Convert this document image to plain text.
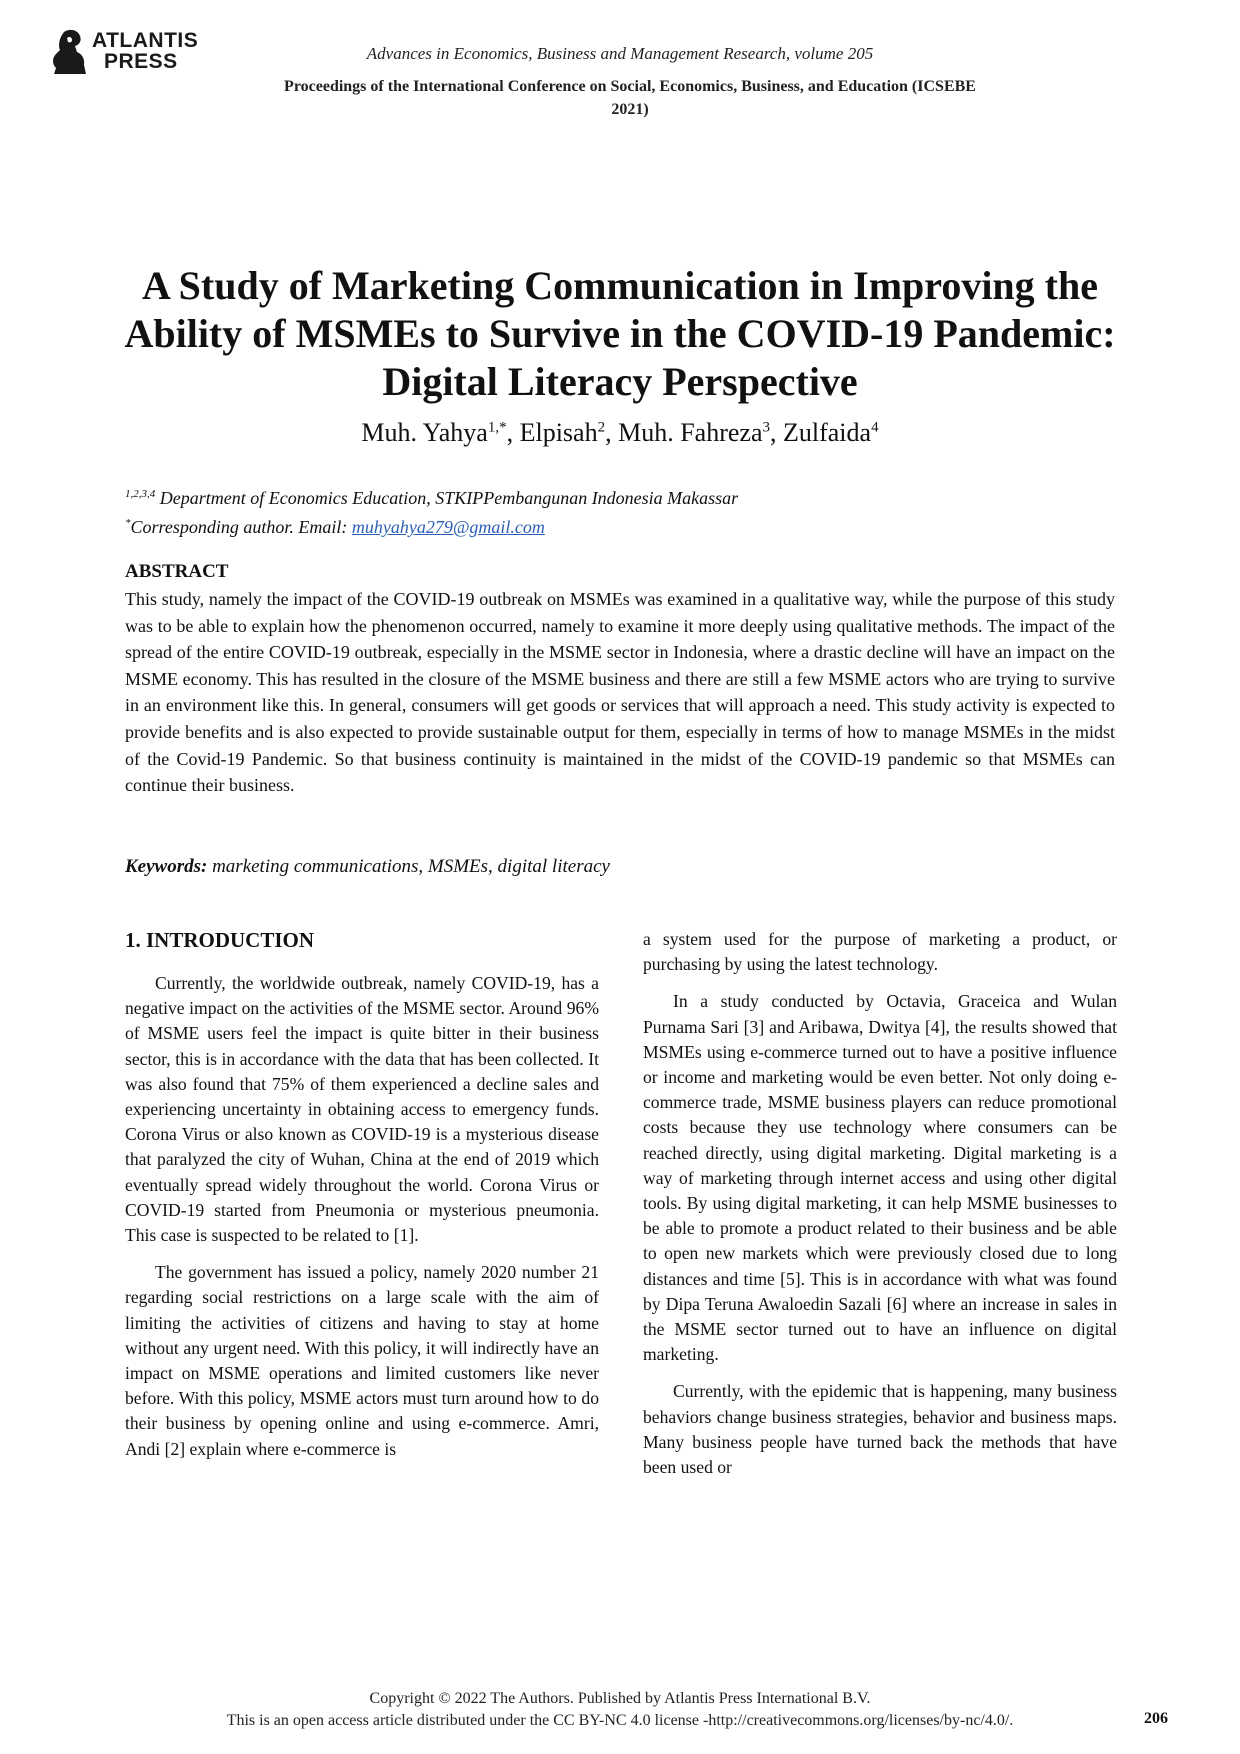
ATLANTIS
PRESS	Advances in Economics, Business and Management Research, volume 205
Proceedings of the International Conference on Social, Economics, Business, and Education (ICSEBE 2021)
A Study of Marketing Communication in Improving the Ability of MSMEs to Survive in the COVID-19 Pandemic: Digital Literacy Perspective
Muh. Yahya$^{1,*}$, Elpisah$^2$, Muh. Fahreza$^3$, Zulfaida$^4$
$^{1,2,3,4}$ Department of Economics Education, STKIPPembangunan Indonesia Makassar
*Corresponding author. Email: muhyahya279@gmail.com
ABSTRACT

This study, namely the impact of the COVID-19 outbreak on MSMEs was examined in a qualitative way, while the purpose of this study was to be able to explain how the phenomenon occurred, namely to examine it more deeply using qualitative methods. The impact of the spread of the entire COVID-19 outbreak, especially in the MSME sector in Indonesia, where a drastic decline will have an impact on the MSME economy. This has resulted in the closure of the MSME business and there are still a few MSME actors who are trying to survive in an environment like this. In general, consumers will get goods or services that will approach a need. This study activity is expected to provide benefits and is also expected to provide sustainable output for them, especially in terms of how to manage MSMEs in the midst of the Covid-19 Pandemic. So that business continuity is maintained in the midst of the COVID-19 pandemic so that MSMEs can continue their business.

Keywords: marketing communications, MSMEs, digital literacy
1. INTRODUCTION

Currently, the worldwide outbreak, namely COVID-19, has a negative impact on the activities of the MSME sector. Around 96% of MSME users feel the impact is quite bitter in their business sector, this is in accordance with the data that has been collected. It was also found that 75% of them experienced a decline sales and experiencing uncertainty in obtaining access to emergency funds. Corona Virus or also known as COVID-19 is a mysterious disease that paralyzed the city of Wuhan, China at the end of 2019 which eventually spread widely throughout the world. Corona Virus or COVID-19 started from Pneumonia or mysterious pneumonia. This case is suspected to be related to [1].

The government has issued a policy, namely 2020 number 21 regarding social restrictions on a large scale with the aim of limiting the activities of citizens and having to stay at home without any urgent need. With this policy, it will indirectly have an impact on MSME operations and limited customers like never before. With this policy, MSME actors must turn around how to do their business by opening online and using e-commerce. Amri, Andi [2] explain where e-commerce is

a system used for the purpose of marketing a product, or purchasing by using the latest technology.

In a study conducted by Octavia, Graceica and Wulan Purnama Sari [3] and Aribawa, Dwitya [4], the results showed that MSMEs using e-commerce turned out to have a positive influence or income and marketing would be even better. Not only doing e-commerce trade, MSME business players can reduce promotional costs because they use technology where consumers can be reached directly, using digital marketing. Digital marketing is a way of marketing through internet access and using other digital tools. By using digital marketing, it can help MSME businesses to be able to promote a product related to their business and be able to open new markets which were previously closed due to long distances and time [5]. This is in accordance with what was found by Dipa Teruna Awaloedin Sazali [6] where an increase in sales in the MSME sector turned out to have an influence on digital marketing.

Currently, with the epidemic that is happening, many business behaviors change business strategies, behavior and business maps. Many business people have turned back the methods that have been used or

Copyright © 2022 The Authors. Published by Atlantis Press International B.V.
This is an open access article distributed under the CC BY-NC 4.0 license -http://creativecommons.org/licenses/by-nc/4.0/.	206
